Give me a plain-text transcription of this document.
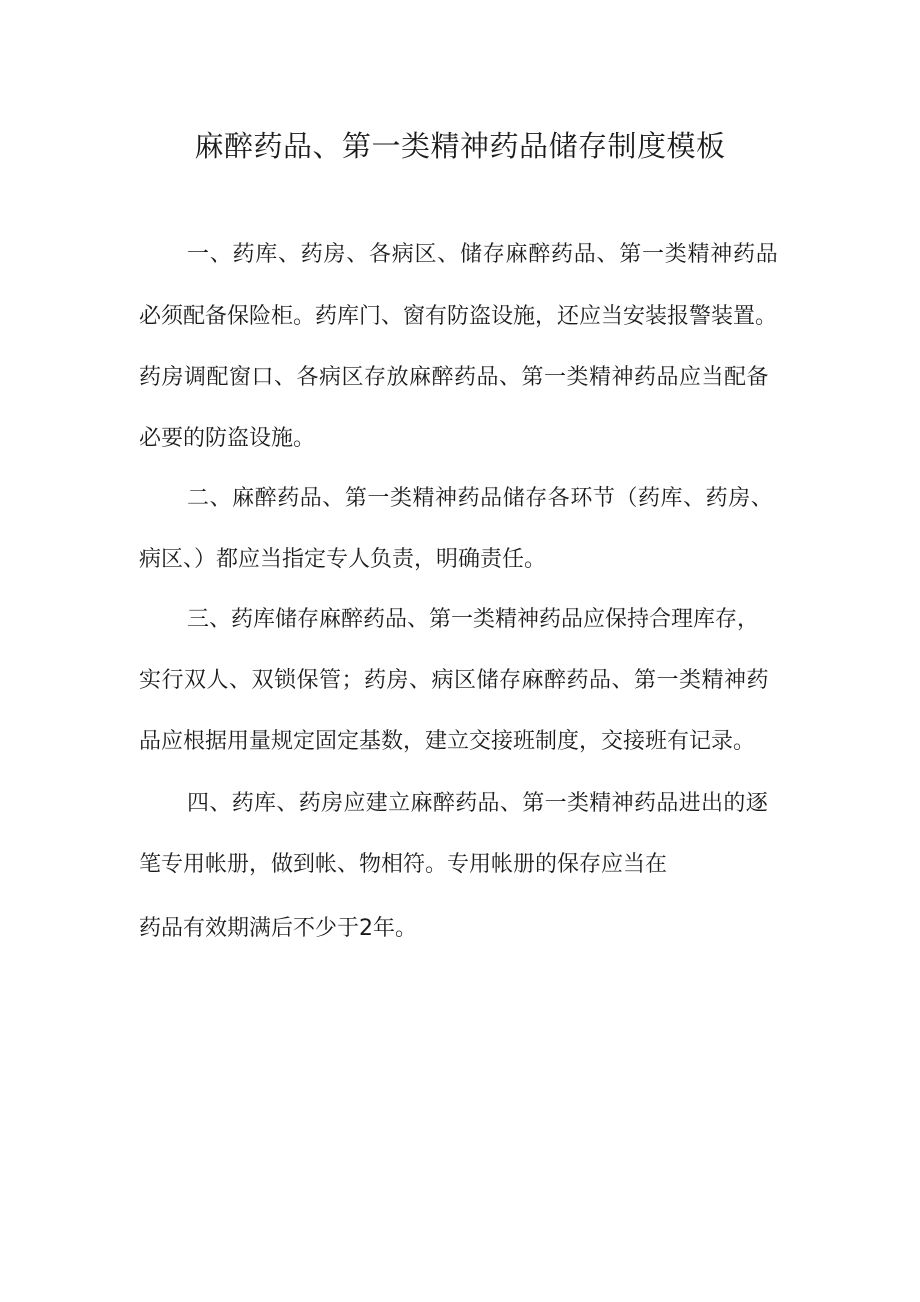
麻醉药品、第一类精神药品储存制度模板

一、药库、药房、各病区、储存麻醉药品、第一类精神药品

必须配备保险柜。药库门、窗有防盗设施，还应当安装报警装置。

药房调配窗口、各病区存放麻醉药品、第一类精神药品应当配备

必要的防盗设施。

二、麻醉药品、第一类精神药品储存各环节（药库、药房、

病区、）都应当指定专人负责，明确责任。

三、药库储存麻醉药品、第一类精神药品应保持合理库存，

实行双人、双锁保管；药房、病区储存麻醉药品、第一类精神药

品应根据用量规定固定基数，建立交接班制度，交接班有记录。

四、药库、药房应建立麻醉药品、第一类精神药品进出的逐

笔专用帐册，做到帐、物相符。专用帐册的保存应当在

药品有效期满后不少于2年。
